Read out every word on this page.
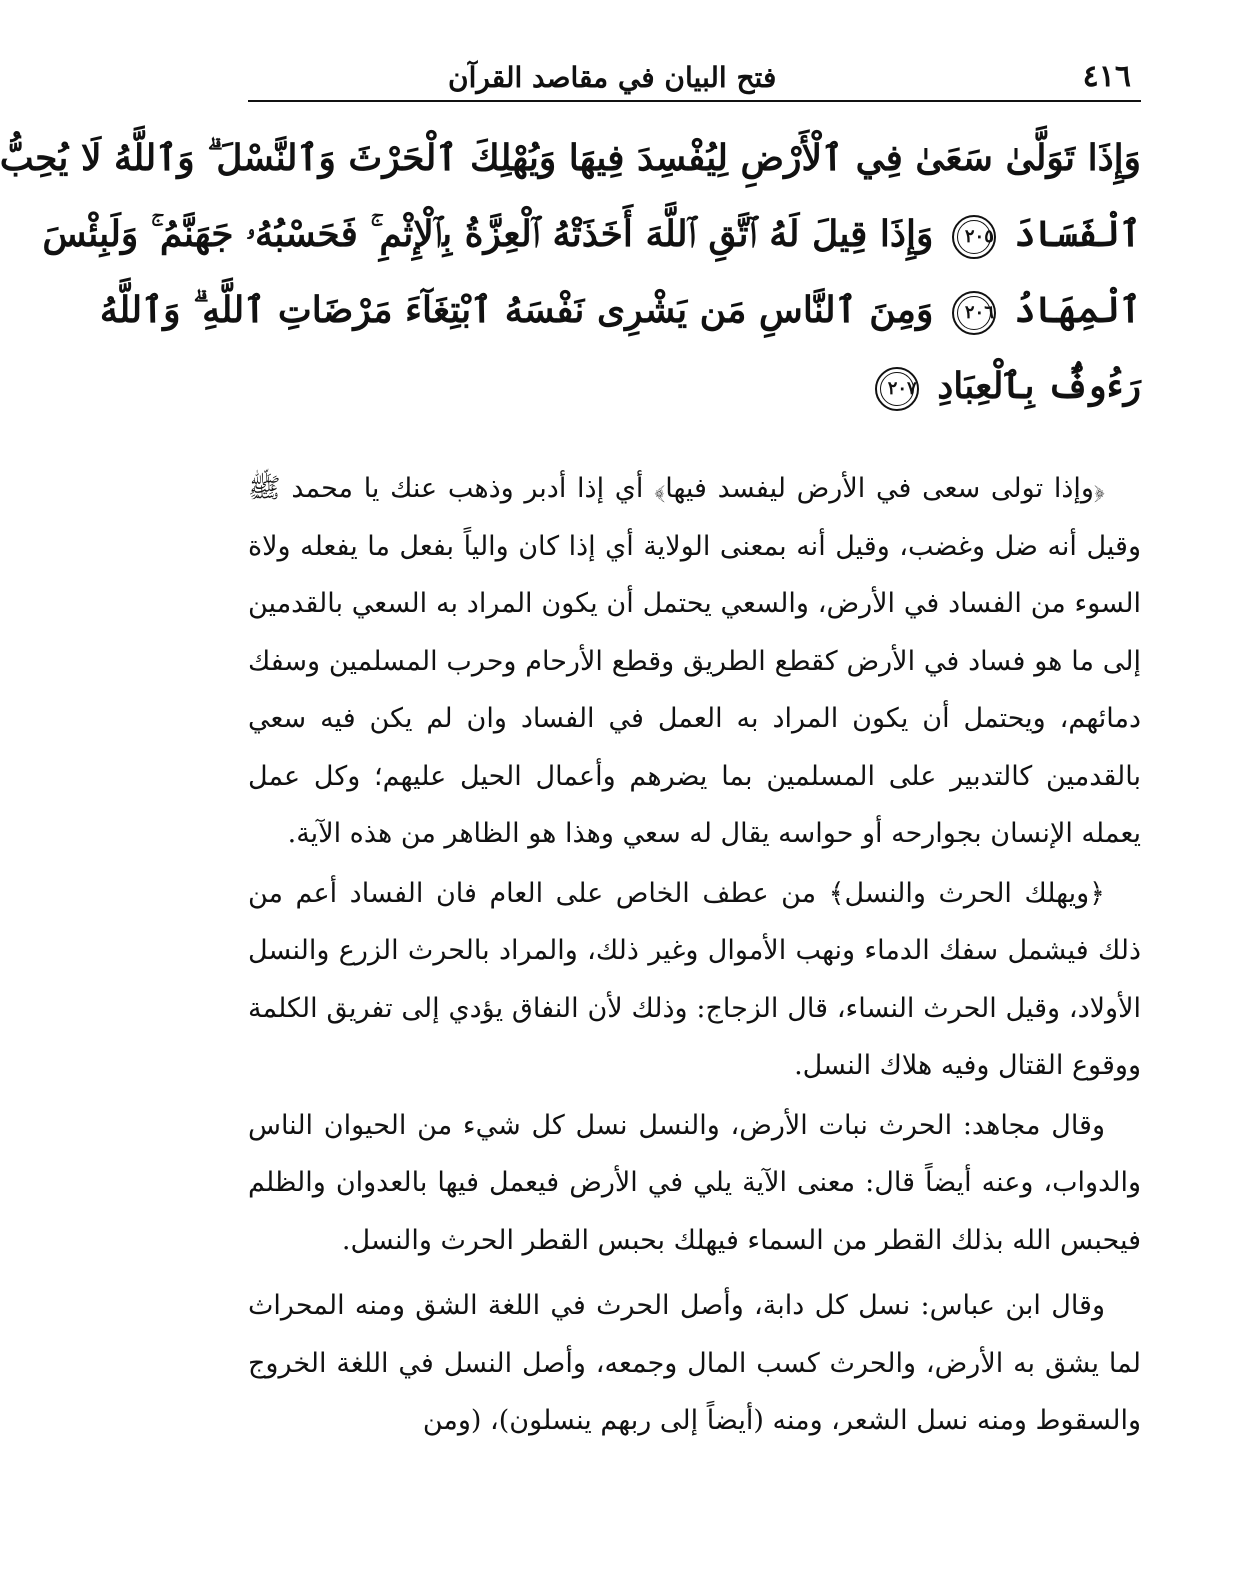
٤١٦
فتح البيان في مقاصد القرآن
وَإِذَا تَوَلَّىٰ سَعَىٰ فِي ٱلْأَرْضِ لِيُفْسِدَ فِيهَا وَيُهْلِكَ ٱلْحَرْثَ وَٱلنَّسْلَ ۗ وَٱللَّهُ لَا يُحِبُّ
ٱلْفَسَادَ ٢٠٥ وَإِذَا قِيلَ لَهُ ٱتَّقِ ٱللَّهَ أَخَذَتْهُ ٱلْعِزَّةُ بِٱلْإِثْمِ ۚ فَحَسْبُهُۥ جَهَنَّمُ ۚ وَلَبِئْسَ
ٱلْمِهَادُ ٢٠٦ وَمِنَ ٱلنَّاسِ مَن يَشْرِى نَفْسَهُ ٱبْتِغَآءَ مَرْضَاتِ ٱللَّهِ ۗ وَٱللَّهُ
رَءُوفٌۢ بِٱلْعِبَادِ ٢٠٧

﴿وإذا تولى سعى في الأرض ليفسد فيها﴾ أي إذا أدبر وذهب عنك يا محمد ﷺ وقيل أنه ضل وغضب، وقيل أنه بمعنى الولاية أي إذا كان والياً بفعل ما يفعله ولاة السوء من الفساد في الأرض، والسعي يحتمل أن يكون المراد به السعي بالقدمين إلى ما هو فساد في الأرض كقطع الطريق وقطع الأرحام وحرب المسلمين وسفك دمائهم، ويحتمل أن يكون المراد به العمل في الفساد وان لم يكن فيه سعي بالقدمين كالتدبير على المسلمين بما يضرهم وأعمال الحيل عليهم؛ وكل عمل يعمله الإنسان بجوارحه أو حواسه يقال له سعي وهذا هو الظاهر من هذه الآية.

﴿ويهلك الحرث والنسل﴾ من عطف الخاص على العام فان الفساد أعم من ذلك فيشمل سفك الدماء ونهب الأموال وغير ذلك، والمراد بالحرث الزرع والنسل الأولاد، وقيل الحرث النساء، قال الزجاج: وذلك لأن النفاق يؤدي إلى تفريق الكلمة ووقوع القتال وفيه هلاك النسل.

وقال مجاهد: الحرث نبات الأرض، والنسل نسل كل شيء من الحيوان الناس والدواب، وعنه أيضاً قال: معنى الآية يلي في الأرض فيعمل فيها بالعدوان والظلم فيحبس الله بذلك القطر من السماء فيهلك بحبس القطر الحرث والنسل.

وقال ابن عباس: نسل كل دابة، وأصل الحرث في اللغة الشق ومنه المحراث لما يشق به الأرض، والحرث كسب المال وجمعه، وأصل النسل في اللغة الخروج والسقوط ومنه نسل الشعر، ومنه (أيضاً إلى ربهم ينسلون)، (ومن
